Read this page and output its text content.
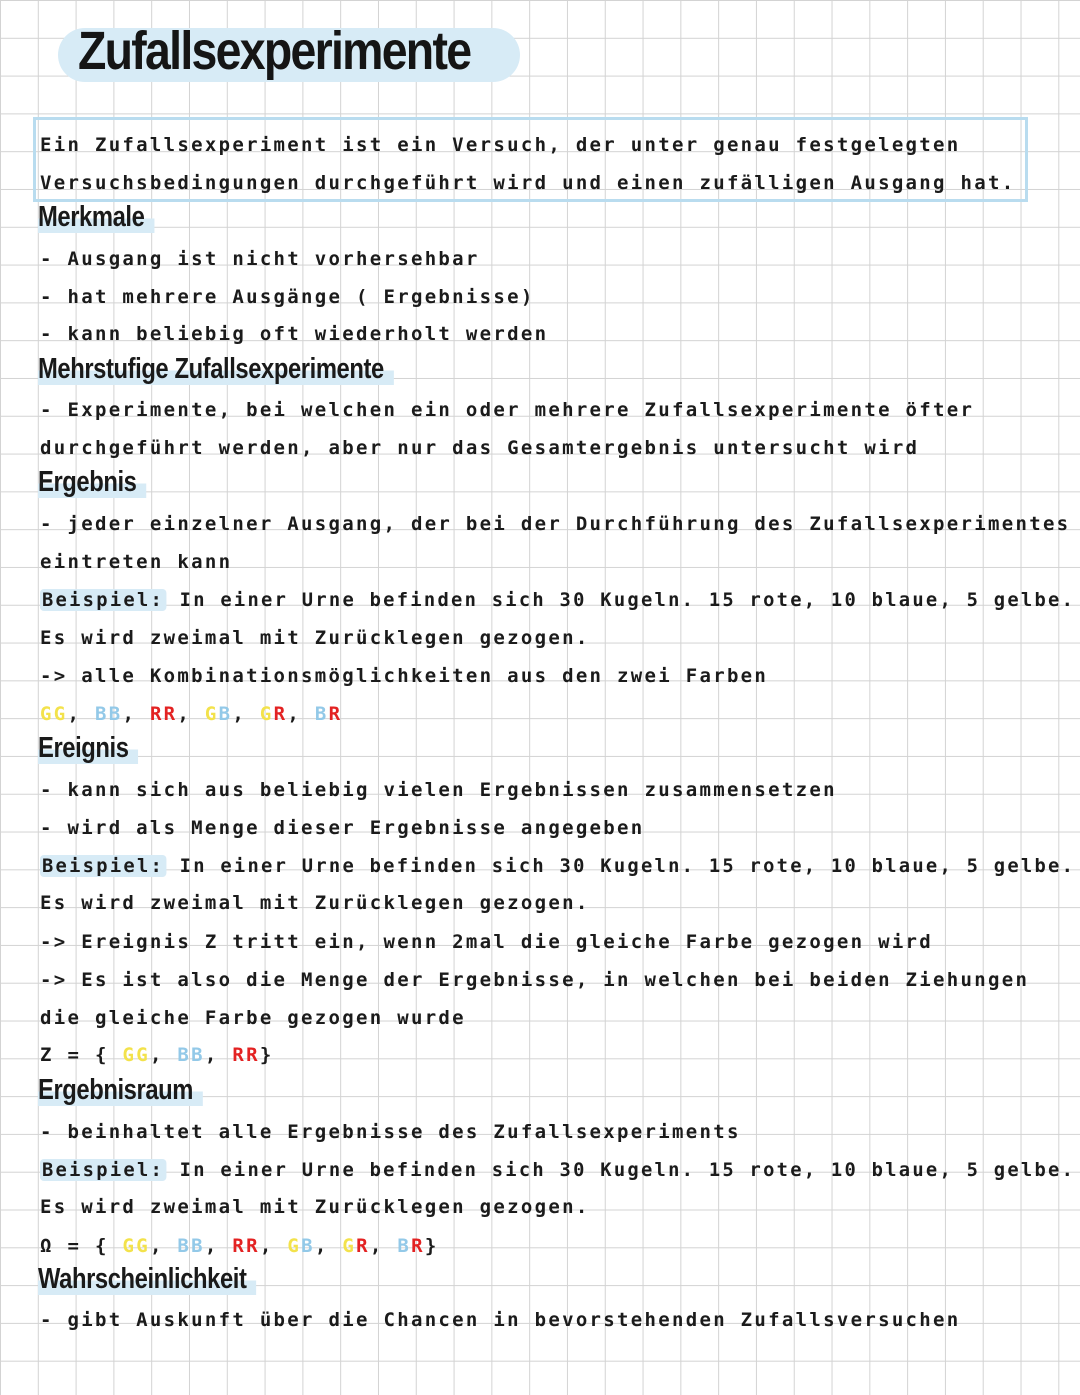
Zufallsexperimente
Ein Zufallsexperiment ist ein Versuch, der unter genau festgelegten
Versuchsbedingungen durchgeführt wird und einen zufälligen Ausgang hat.
Merkmale
- Ausgang ist nicht vorhersehbar
- hat mehrere Ausgänge ( Ergebnisse)
- kann beliebig oft wiederholt werden
Mehrstufige Zufallsexperimente
- Experimente, bei welchen ein oder mehrere Zufallsexperimente öfter
durchgeführt werden, aber nur das Gesamtergebnis untersucht wird
Ergebnis
- jeder einzelner Ausgang, der bei der Durchführung des Zufallsexperimentes
eintreten kann
Beispiel: In einer Urne befinden sich 30 Kugeln. 15 rote, 10 blaue, 5 gelbe.
Es wird zweimal mit Zurücklegen gezogen.
-> alle Kombinationsmöglichkeiten aus den zwei Farben
GG, BB, RR, GB, GR, BR
Ereignis
- kann sich aus beliebig vielen Ergebnissen zusammensetzen
- wird als Menge dieser Ergebnisse angegeben
Beispiel: In einer Urne befinden sich 30 Kugeln. 15 rote, 10 blaue, 5 gelbe.
Es wird zweimal mit Zurücklegen gezogen.
-> Ereignis Z tritt ein, wenn 2mal die gleiche Farbe gezogen wird
-> Es ist also die Menge der Ergebnisse, in welchen bei beiden Ziehungen
die gleiche Farbe gezogen wurde
Z = { GG, BB, RR}
Ergebnisraum
- beinhaltet alle Ergebnisse des Zufallsexperiments
Beispiel: In einer Urne befinden sich 30 Kugeln. 15 rote, 10 blaue, 5 gelbe.
Es wird zweimal mit Zurücklegen gezogen.
Ω = { GG, BB, RR, GB, GR, BR}
Wahrscheinlichkeit
- gibt Auskunft über die Chancen in bevorstehenden Zufallsversuchen
